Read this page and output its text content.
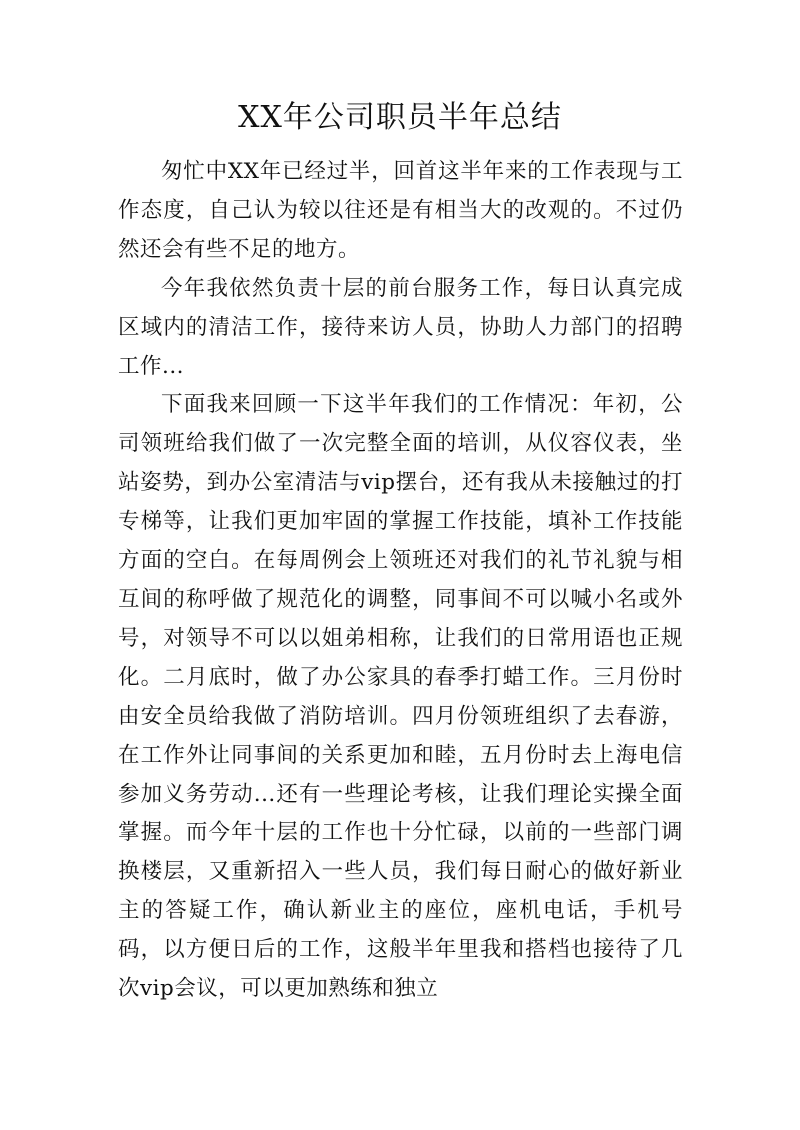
XX年公司职员半年总结

匆忙中XX年已经过半，回首这半年来的工作表现与工作态度，自己认为较以往还是有相当大的改观的。不过仍然还会有些不足的地方。

今年我依然负责十层的前台服务工作，每日认真完成区域内的清洁工作，接待来访人员，协助人力部门的招聘工作...

下面我来回顾一下这半年我们的工作情况：年初，公司领班给我们做了一次完整全面的培训，从仪容仪表，坐站姿势，到办公室清洁与vip摆台，还有我从未接触过的打专梯等，让我们更加牢固的掌握工作技能，填补工作技能方面的空白。在每周例会上领班还对我们的礼节礼貌与相互间的称呼做了规范化的调整，同事间不可以喊小名或外号，对领导不可以以姐弟相称，让我们的日常用语也正规化。二月底时，做了办公家具的春季打蜡工作。三月份时由安全员给我做了消防培训。四月份领班组织了去春游，在工作外让同事间的关系更加和睦，五月份时去上海电信参加义务劳动...还有一些理论考核，让我们理论实操全面掌握。而今年十层的工作也十分忙碌，以前的一些部门调换楼层，又重新招入一些人员，我们每日耐心的做好新业主的答疑工作，确认新业主的座位，座机电话，手机号码，以方便日后的工作，这般半年里我和搭档也接待了几次vip会议，可以更加熟练和独立
